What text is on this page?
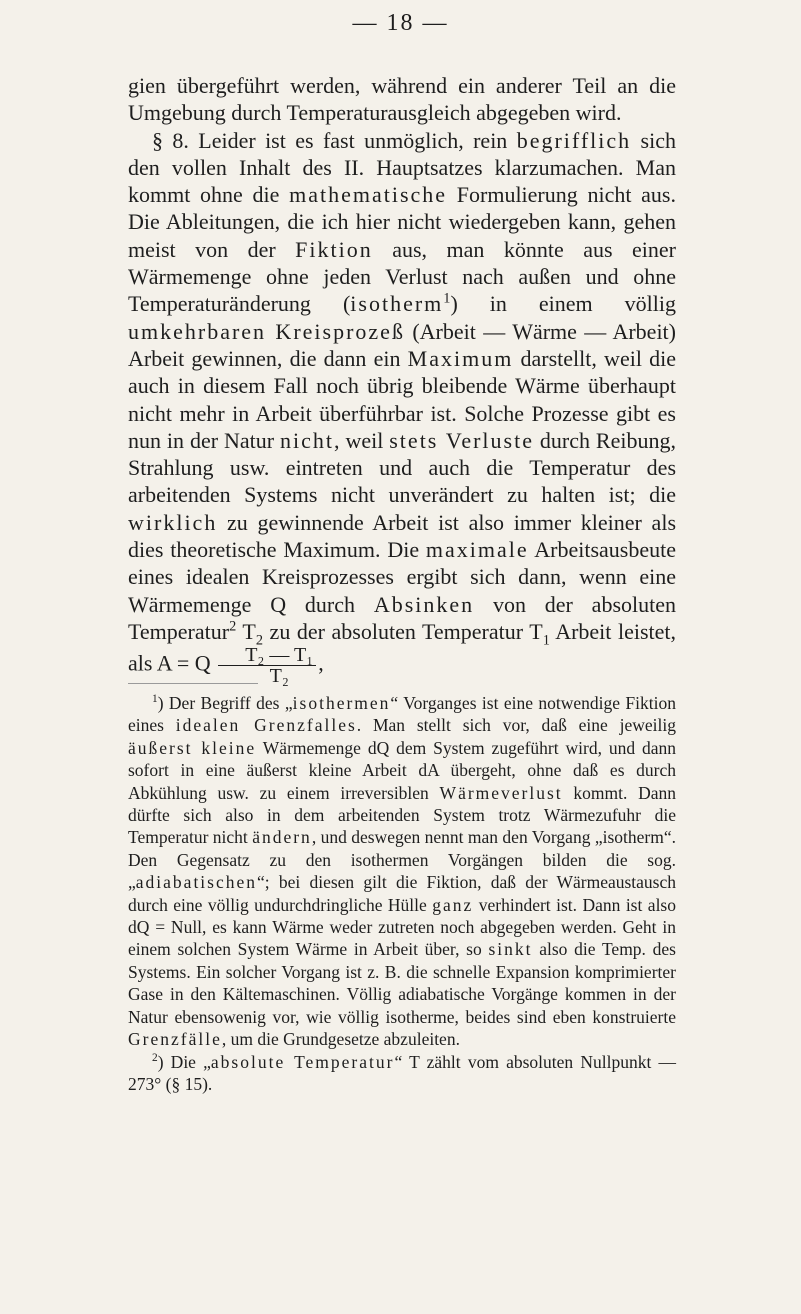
— 18 —

gien übergeführt werden, während ein anderer Teil an die Umgebung durch Temperaturausgleich abgegeben wird.

§ 8. Leider ist es fast unmöglich, rein begrifflich sich den vollen Inhalt des II. Hauptsatzes klarzumachen. Man kommt ohne die mathematische Formulierung nicht aus. Die Ableitungen, die ich hier nicht wiedergeben kann, gehen meist von der Fiktion aus, man könnte aus einer Wärmemenge ohne jeden Verlust nach außen und ohne Temperaturänderung (isotherm$^1$) in einem völlig umkehrbaren Kreisprozeß (Arbeit — Wärme — Arbeit) Arbeit gewinnen, die dann ein Maximum darstellt, weil die auch in diesem Fall noch übrig bleibende Wärme überhaupt nicht mehr in Arbeit überführbar ist. Solche Prozesse gibt es nun in der Natur nicht, weil stets Verluste durch Reibung, Strahlung usw. eintreten und auch die Temperatur des arbeitenden Systems nicht unverändert zu halten ist; die wirklich zu gewinnende Arbeit ist also immer kleiner als dies theoretische Maximum. Die maximale Arbeitsausbeute eines idealen Kreisprozesses ergibt sich dann, wenn eine Wärmemenge Q durch Absinken von der absoluten Temperatur$^2$ $T_2$ zu der absoluten Temperatur $T_1$ Arbeit leistet, als A = Q $\frac{\text{T₂ — T₁}}{\text{T₂}}$ ,

$^1$) Der Begriff des „isothermen“ Vorganges ist eine notwendige Fiktion eines idealen Grenzfalles. Man stellt sich vor, daß eine jeweilig äußerst kleine Wärmemenge dQ dem System zugeführt wird, und dann sofort in eine äußerst kleine Arbeit dA übergeht, ohne daß es durch Abkühlung usw. zu einem irreversiblen Wärmeverlust kommt. Dann dürfte sich also in dem arbeitenden System trotz Wärmezufuhr die Temperatur nicht ändern, und deswegen nennt man den Vorgang „isotherm“. Den Gegensatz zu den isothermen Vorgängen bilden die sog. „adiabatischen“; bei diesen gilt die Fiktion, daß der Wärmeaustausch durch eine völlig undurchdringliche Hülle ganz verhindert ist. Dann ist also dQ = Null, es kann Wärme weder zutreten noch abgegeben werden. Geht in einem solchen System Wärme in Arbeit über, so sinkt also die Temp. des Systems. Ein solcher Vorgang ist z. B. die schnelle Expansion komprimierter Gase in den Kältemaschinen. Völlig adiabatische Vorgänge kommen in der Natur ebensowenig vor, wie völlig isotherme, beides sind eben konstruierte Grenzfälle, um die Grundgesetze abzuleiten.

$^2$) Die „absolute Temperatur“ T zählt vom absoluten Nullpunkt — 273° (§ 15).
